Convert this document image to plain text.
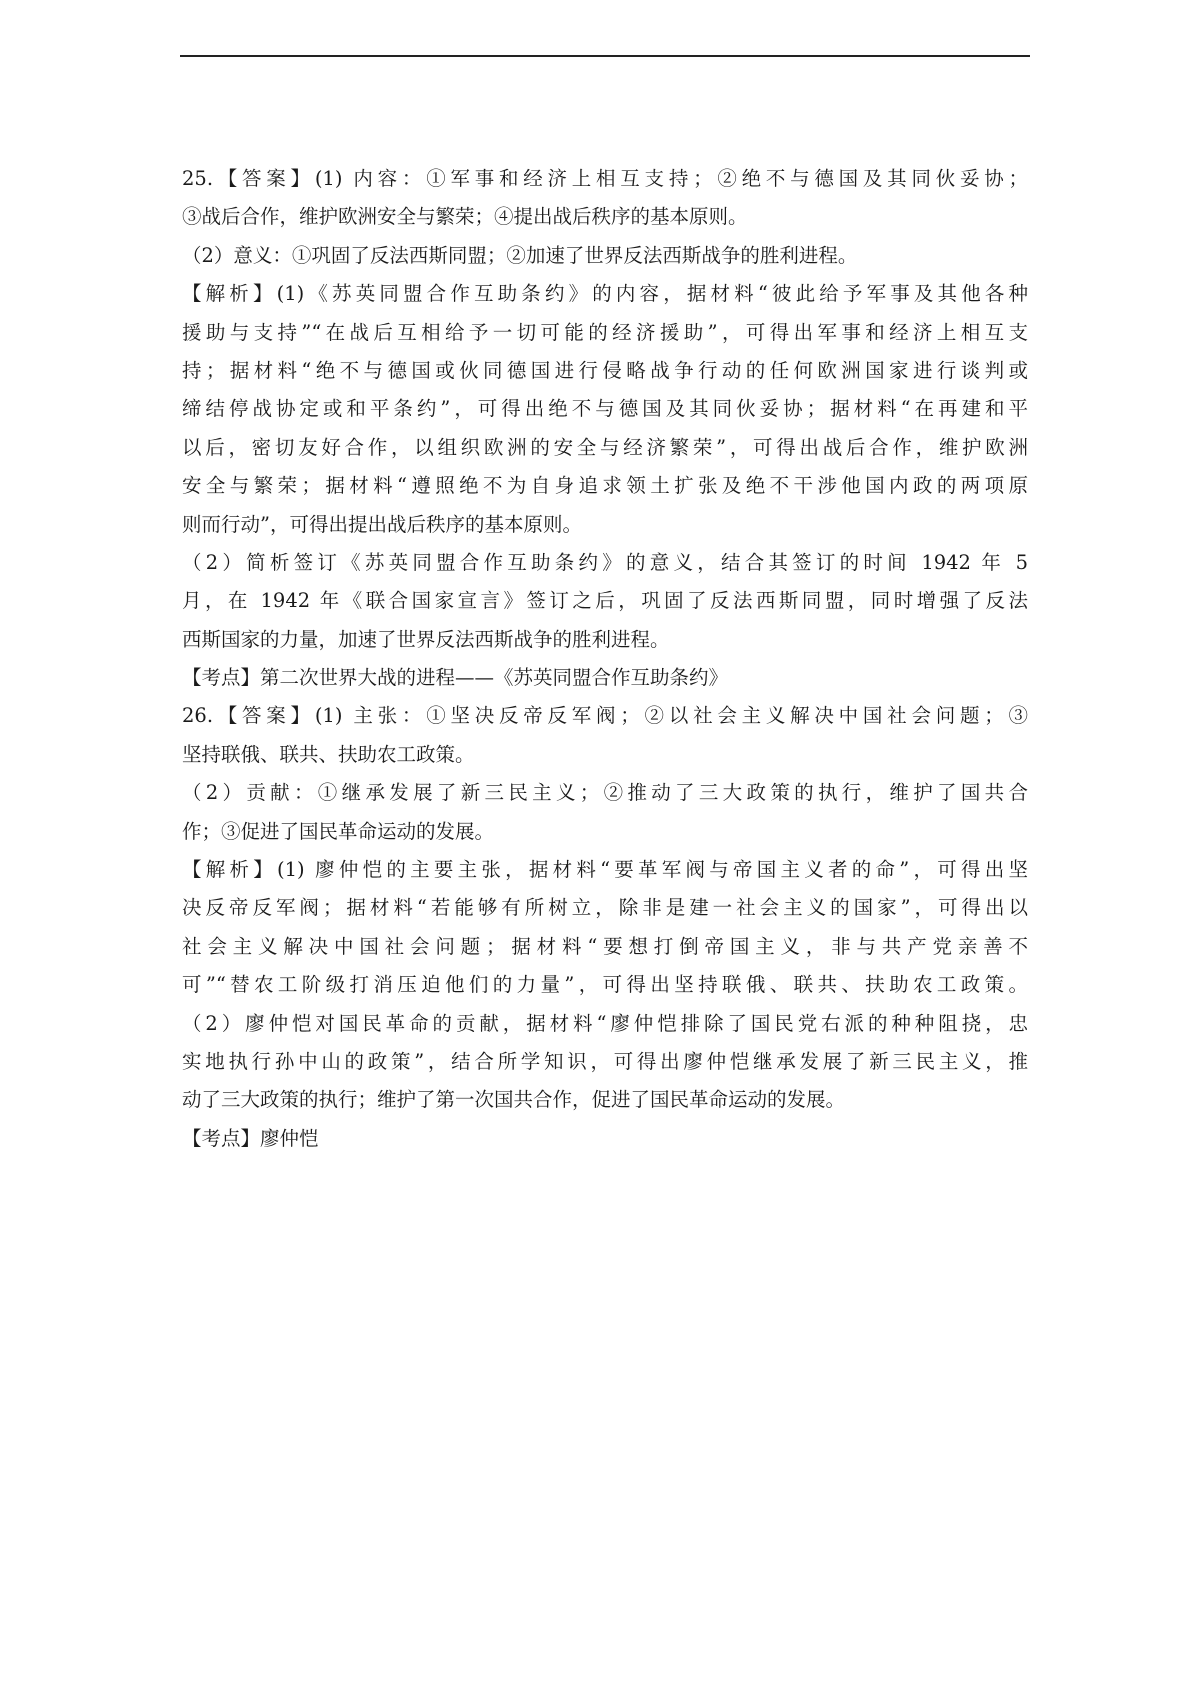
25.【答案】(1) 内容：①军事和经济上相互支持；②绝不与德国及其同伙妥协；
③战后合作，维护欧洲安全与繁荣；④提出战后秩序的基本原则。
（2）意义：①巩固了反法西斯同盟；②加速了世界反法西斯战争的胜利进程。
【解析】(1)《苏英同盟合作互助条约》的内容，据材料“彼此给予军事及其他各种
援助与支持”“在战后互相给予一切可能的经济援助”，可得出军事和经济上相互支
持；据材料“绝不与德国或伙同德国进行侵略战争行动的任何欧洲国家进行谈判或
缔结停战协定或和平条约”，可得出绝不与德国及其同伙妥协；据材料“在再建和平
以后，密切友好合作，以组织欧洲的安全与经济繁荣”，可得出战后合作，维护欧洲
安全与繁荣；据材料“遵照绝不为自身追求领土扩张及绝不干涉他国内政的两项原
则而行动”，可得出提出战后秩序的基本原则。
（2）简析签订《苏英同盟合作互助条约》的意义，结合其签订的时间 1942 年 5
月，在 1942 年《联合国家宣言》签订之后，巩固了反法西斯同盟，同时增强了反法
西斯国家的力量，加速了世界反法西斯战争的胜利进程。
【考点】第二次世界大战的进程——《苏英同盟合作互助条约》
26.【答案】(1) 主张：①坚决反帝反军阀；②以社会主义解决中国社会问题；③
坚持联俄、联共、扶助农工政策。
（2）贡献：①继承发展了新三民主义；②推动了三大政策的执行，维护了国共合
作；③促进了国民革命运动的发展。
【解析】(1) 廖仲恺的主要主张，据材料“要革军阀与帝国主义者的命”，可得出坚
决反帝反军阀；据材料“若能够有所树立，除非是建一社会主义的国家”，可得出以
社会主义解决中国社会问题；据材料“要想打倒帝国主义，非与共产党亲善不
可”“替农工阶级打消压迫他们的力量”，可得出坚持联俄、联共、扶助农工政策。
（2）廖仲恺对国民革命的贡献，据材料“廖仲恺排除了国民党右派的种种阻挠，忠
实地执行孙中山的政策”，结合所学知识，可得出廖仲恺继承发展了新三民主义，推
动了三大政策的执行；维护了第一次国共合作，促进了国民革命运动的发展。
【考点】廖仲恺
